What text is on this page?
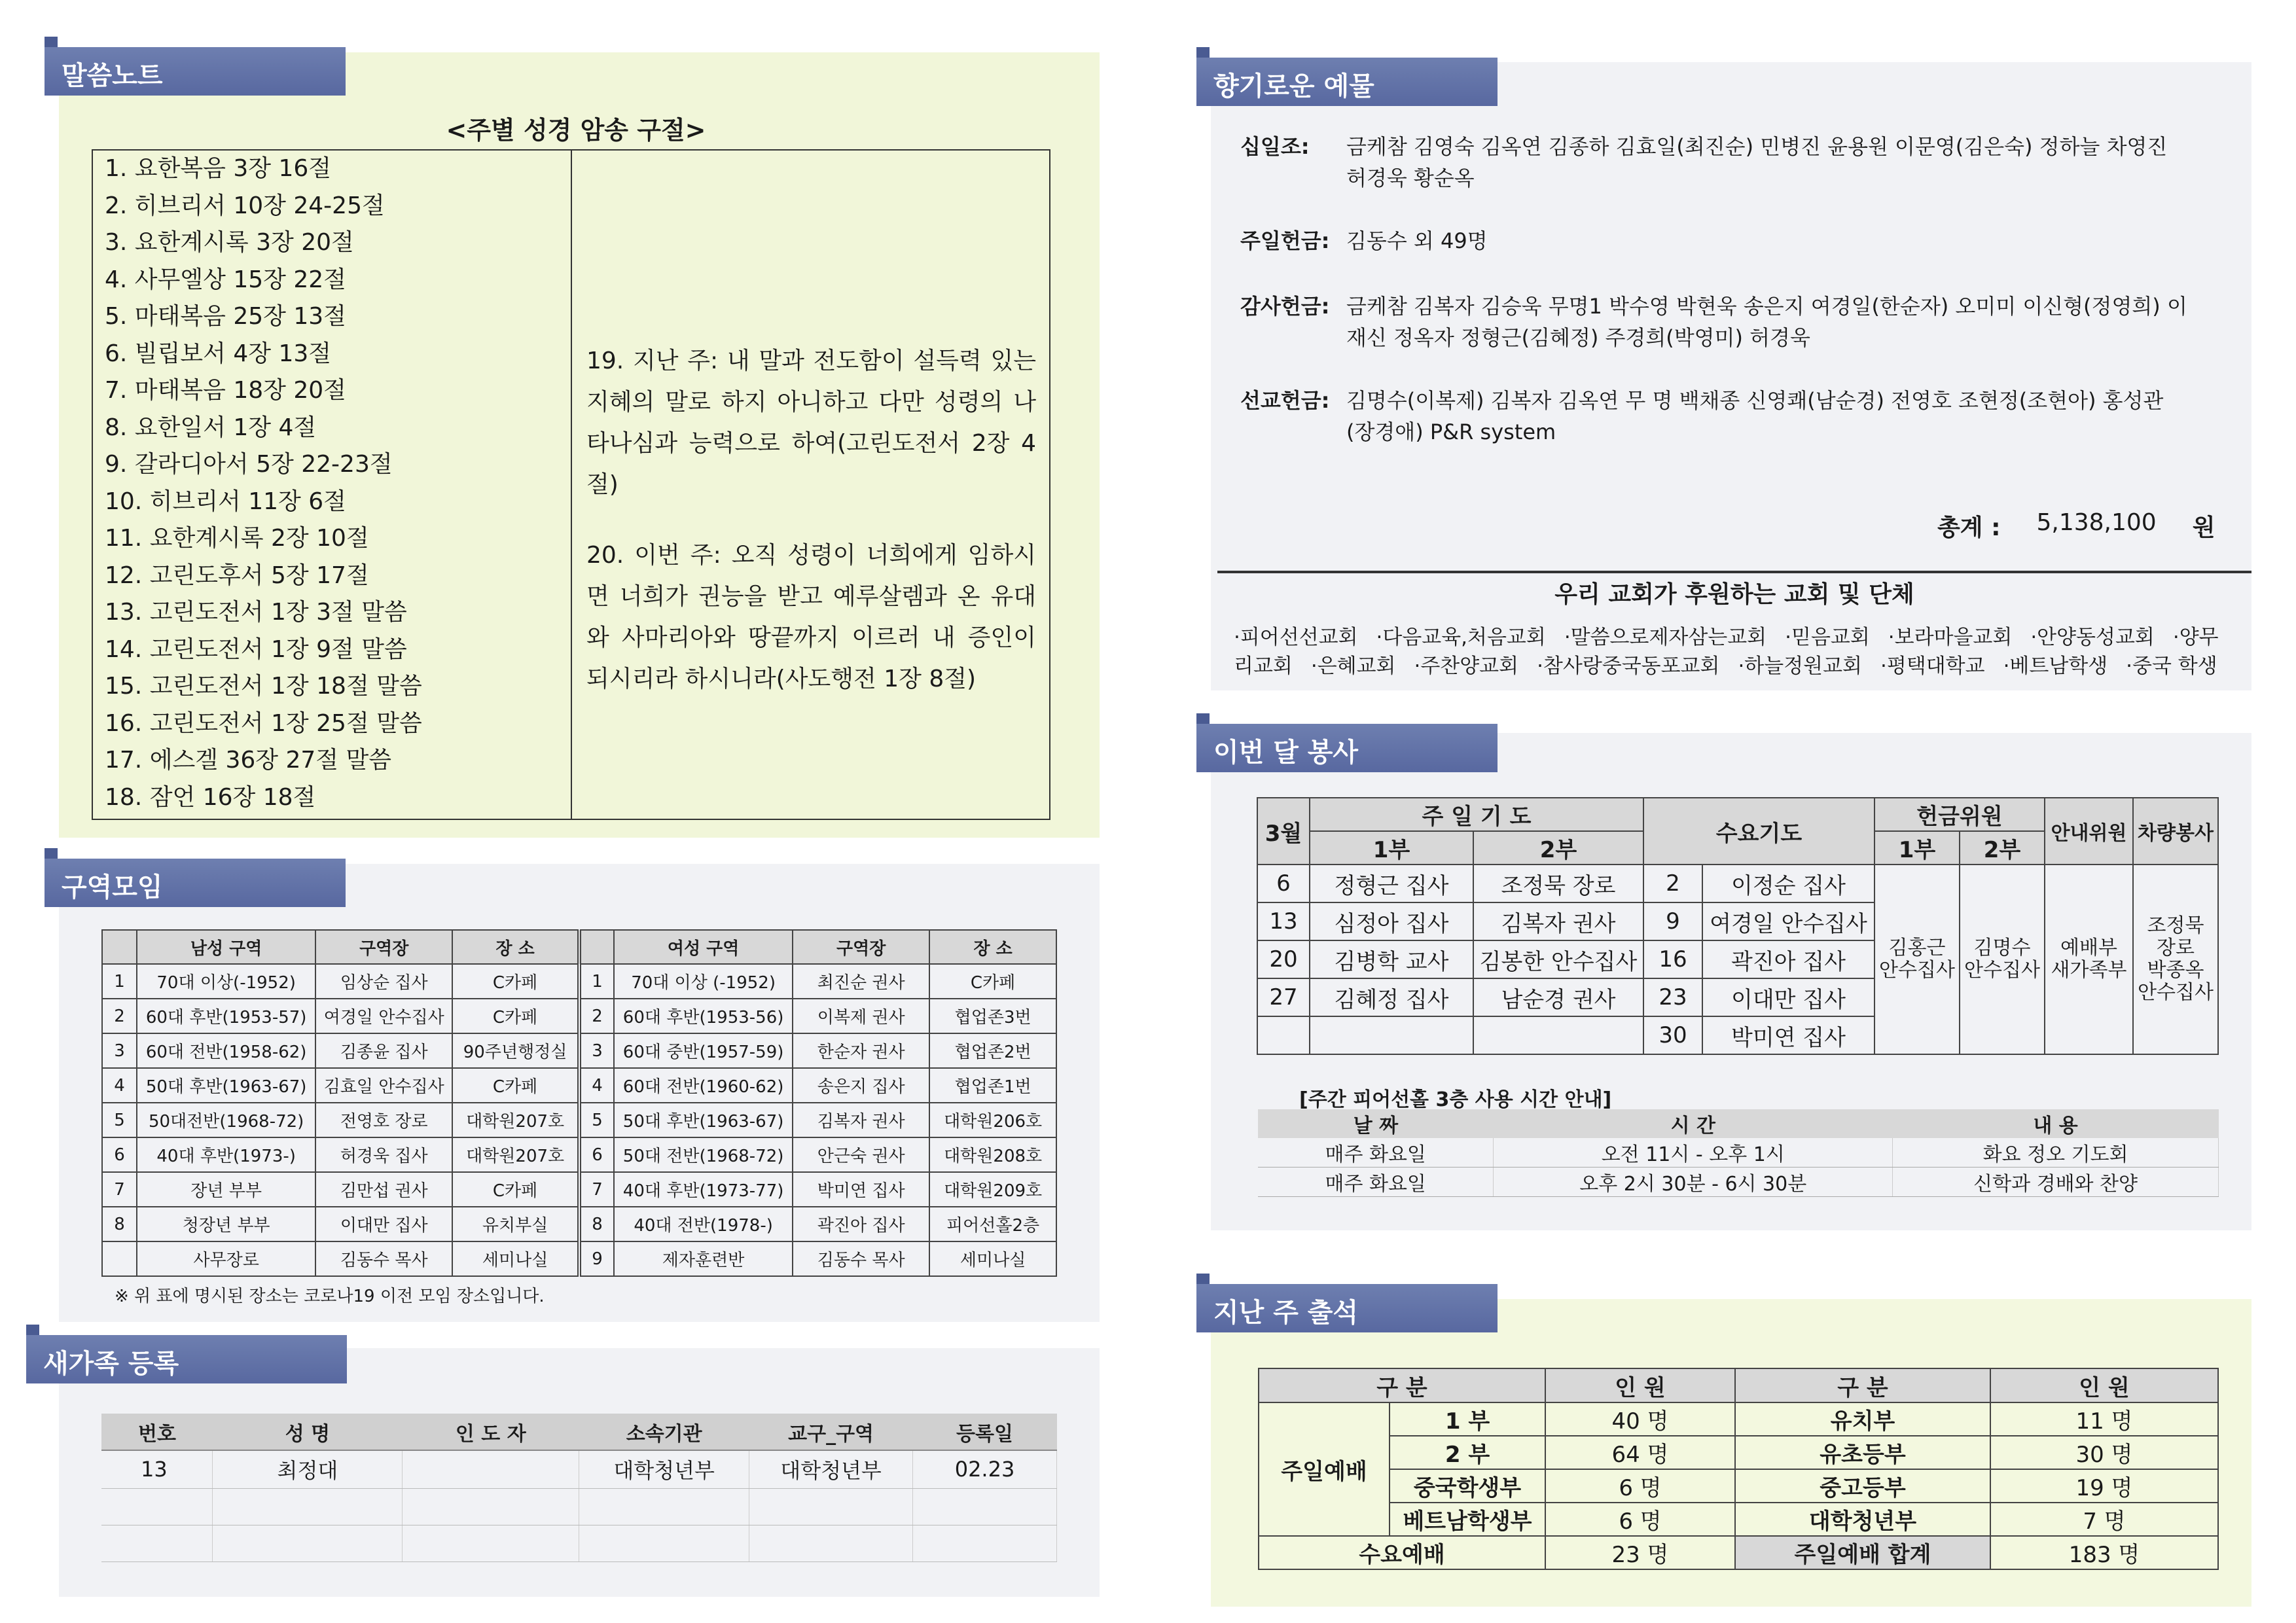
말씀노트
<주별 성경 암송 구절>
1. 요한복음 3장 16절
2. 히브리서 10장 24-25절
3. 요한계시록 3장 20절
4. 사무엘상 15장 22절
5. 마태복음 25장 13절
6. 빌립보서 4장 13절
7. 마태복음 18장 20절
8. 요한일서 1장 4절
9. 갈라디아서 5장 22-23절
10. 히브리서 11장 6절
11. 요한계시록 2장 10절
12. 고린도후서 5장 17절
13. 고린도전서 1장 3절 말씀
14. 고린도전서 1장 9절 말씀
15. 고린도전서 1장 18절 말씀
16. 고린도전서 1장 25절 말씀
17. 에스겔 36장 27절 말씀
18. 잠언 16장 18절
19. 지난 주: 내 말과 전도함이 설득력 있는 지혜의 말로 하지 아니하고 다만 성령의 나타나심과 능력으로 하여(고린도전서 2장 4절)
20. 이번 주: 오직 성령이 너희에게 임하시면 너희가 권능을 받고 예루살렘과 온 유대와 사마리아와 땅끝까지 이르러 내 증인이 되시리라 하시니라(사도행전 1장 8절)
구역모임
	남성 구역	구역장	장 소		여성 구역	구역장	장 소
1	70대 이상(-1952)	임상순 집사	C카페	1	70대 이상 (-1952)	최진순 권사	C카페
2	60대 후반(1953-57)	여경일 안수집사	C카페	2	60대 후반(1953-56)	이복제 권사	협업존3번
3	60대 전반(1958-62)	김종윤 집사	90주년행정실	3	60대 중반(1957-59)	한순자 권사	협업존2번
4	50대 후반(1963-67)	김효일 안수집사	C카페	4	60대 전반(1960-62)	송은지 집사	협업존1번
5	50대전반(1968-72)	전영호 장로	대학원207호	5	50대 후반(1963-67)	김복자 권사	대학원206호
6	40대 후반(1973-)	허경욱 집사	대학원207호	6	50대 전반(1968-72)	안근숙 권사	대학원208호
7	장년 부부	김만섭 권사	C카페	7	40대 후반(1973-77)	박미연 집사	대학원209호
8	청장년 부부	이대만 집사	유치부실	8	40대 전반(1978-)	곽진아 집사	피어선홀2층
	사무장로	김동수 목사	세미나실	9	제자훈련반	김동수 목사	세미나실
※ 위 표에 명시된 장소는 코로나19 이전 모임 장소입니다.
새가족 등록
번호	성 명	인 도 자	소속기관	교구_구역	등록일
13	최정대		대학청년부	대학청년부	02.23

향기로운 예물
십일조:	금케참 김영숙 김옥연 김종하 김효일(최진순) 민병진 윤용원 이문영(김은숙) 정하늘 차영진 허경욱 황순옥
주일헌금: 김동수 외 49명
감사헌금: 금케참 김복자 김승욱 무명1 박수영 박현욱 송은지 여경일(한순자) 오미미 이신형(정영희) 이재신 정옥자 정형근(김혜정) 주경희(박영미) 허경욱
선교헌금: 김명수(이복제) 김복자 김옥연 무 명 백채종 신영쾌(남순경) 전영호 조현정(조현아) 홍성관(장경애) P&R system
총계 : 5,138,100 원
우리 교회가 후원하는 교회 및 단체
·피어선선교회 ·다음교육,처음교회 ·말씀으로제자삼는교회 ·믿음교회 ·보라마을교회 ·안양동성교회 ·양무
리교회 ·은혜교회 ·주찬양교회 ·참사랑중국동포교회 ·하늘정원교회 ·평택대학교 ·베트남학생 ·중국 학생
이번 달 봉사
3월	주 일 기 도		수요기도		헌금위원		안내위원	차량봉사
	1부	2부			1부	2부		
6	정형근 집사	조정묵 장로	2	이정순 집사	김홍근 안수집사	김명수 안수집사	예배부 새가족부	조정묵 장로 박종옥 안수집사
13	심정아 집사	김복자 권사	9	여경일 안수집사				
20	김병학 교사	김봉한 안수집사	16	곽진아 집사				
27	김혜정 집사	남순경 권사	23	이대만 집사				
			30	박미연 집사				
[주간 피어선홀 3층 사용 시간 안내]
날 짜	시 간	내 용
매주 화요일	오전 11시 - 오후 1시	화요 정오 기도회
매주 화요일	오후 2시 30분 - 6시 30분	신학과 경배와 찬양
지난 주 출석
구 분		인 원	구 분	인 원
주일예배	1 부	40 명	유치부	11 명
	2 부	64 명	유초등부	30 명
	중국학생부	6 명	중고등부	19 명
	베트남학생부	6 명	대학청년부	7 명
수요예배		23 명	주일예배 합계	183 명
